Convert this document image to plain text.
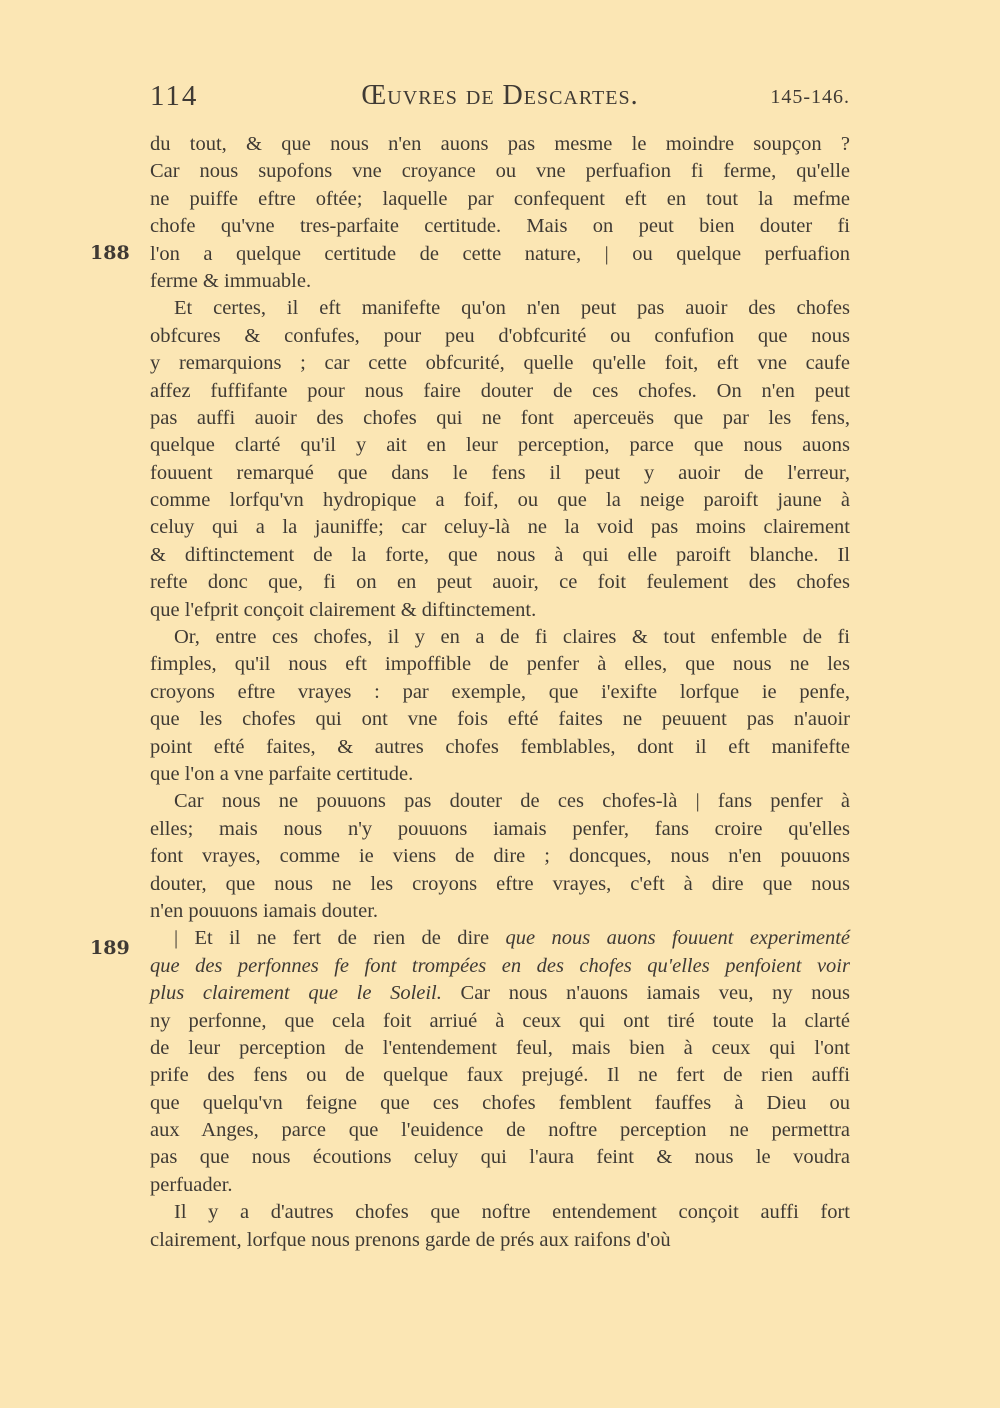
114	Œuvres de Descartes.	145-146.
188
189
du tout, & que nous n'en auons pas mesme le moindre soupçon ?
Car nous supofons vne croyance ou vne perfuafion fi ferme, qu'elle
ne puiffe eftre oftée; laquelle par confequent eft en tout la mefme
chofe qu'vne tres-parfaite certitude. Mais on peut bien douter fi
l'on a quelque certitude de cette nature, | ou quelque perfuafion
ferme & immuable.
Et certes, il eft manifefte qu'on n'en peut pas auoir des chofes
obfcures & confufes, pour peu d'obfcurité ou confufion que nous
y remarquions ; car cette obfcurité, quelle qu'elle foit, eft vne caufe
affez fuffifante pour nous faire douter de ces chofes. On n'en peut
pas auffi auoir des chofes qui ne font aperceuës que par les fens,
quelque clarté qu'il y ait en leur perception, parce que nous auons
fouuent remarqué que dans le fens il peut y auoir de l'erreur,
comme lorfqu'vn hydropique a foif, ou que la neige paroift jaune à
celuy qui a la jauniffe; car celuy-là ne la void pas moins clairement
& diftinctement de la forte, que nous à qui elle paroift blanche. Il
refte donc que, fi on en peut auoir, ce foit feulement des chofes
que l'efprit conçoit clairement & diftinctement.
Or, entre ces chofes, il y en a de fi claires & tout enfemble de fi
fimples, qu'il nous eft impoffible de penfer à elles, que nous ne les
croyons eftre vrayes : par exemple, que i'exifte lorfque ie penfe,
que les chofes qui ont vne fois efté faites ne peuuent pas n'auoir
point efté faites, & autres chofes femblables, dont il eft manifefte
que l'on a vne parfaite certitude.
Car nous ne pouuons pas douter de ces chofes-là | fans penfer à
elles; mais nous n'y pouuons iamais penfer, fans croire qu'elles
font vrayes, comme ie viens de dire ; doncques, nous n'en pouuons
douter, que nous ne les croyons eftre vrayes, c'eft à dire que nous
n'en pouuons iamais douter.
| Et il ne fert de rien de dire que nous auons fouuent experimenté
que des perfonnes fe font trompées en des chofes qu'elles penfoient voir
plus clairement que le Soleil. Car nous n'auons iamais veu, ny nous
ny perfonne, que cela foit arriué à ceux qui ont tiré toute la clarté
de leur perception de l'entendement feul, mais bien à ceux qui l'ont
prife des fens ou de quelque faux prejugé. Il ne fert de rien auffi
que quelqu'vn feigne que ces chofes femblent fauffes à Dieu ou
aux Anges, parce que l'euidence de noftre perception ne permettra
pas que nous écoutions celuy qui l'aura feint & nous le voudra
perfuader.
Il y a d'autres chofes que noftre entendement conçoit auffi fort
clairement, lorfque nous prenons garde de prés aux raifons d'où
